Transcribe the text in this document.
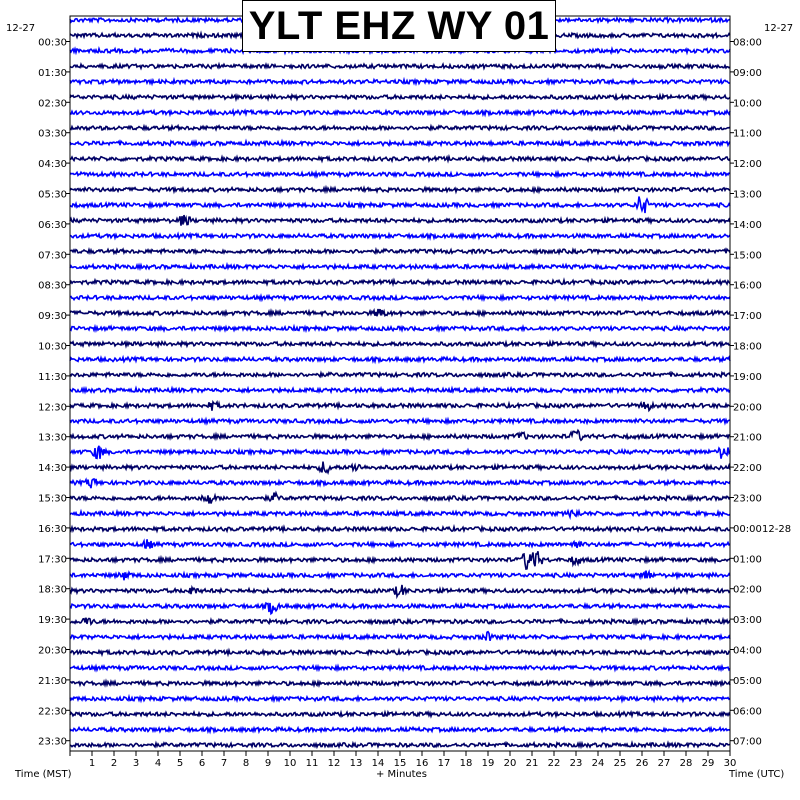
1 2 3 4 5 6 7 8 9 10 11 12 13 14 15 16 17 18 19 20 21 22 23 24 25 26 27 28 29 30
00:30
01:30
02:30
03:30
04:30
05:30
06:30
07:30
08:30
09:30
10:30
11:30
12:30
13:30
14:30
15:30
16:30
17:30
18:30
19:30
20:30
21:30
22:30
23:30
08:00
09:00
10:00
11:00
12:00
13:00
14:00
15:00
16:00
17:00
18:00
19:00
20:00
21:00
22:00
23:00
00:00 12-28
01:00
02:00
03:00
04:00
05:00
06:00
07:00
12-27	12-27
Time (MST)	+ Minutes	Time (UTC)
YLT EHZ WY 01
